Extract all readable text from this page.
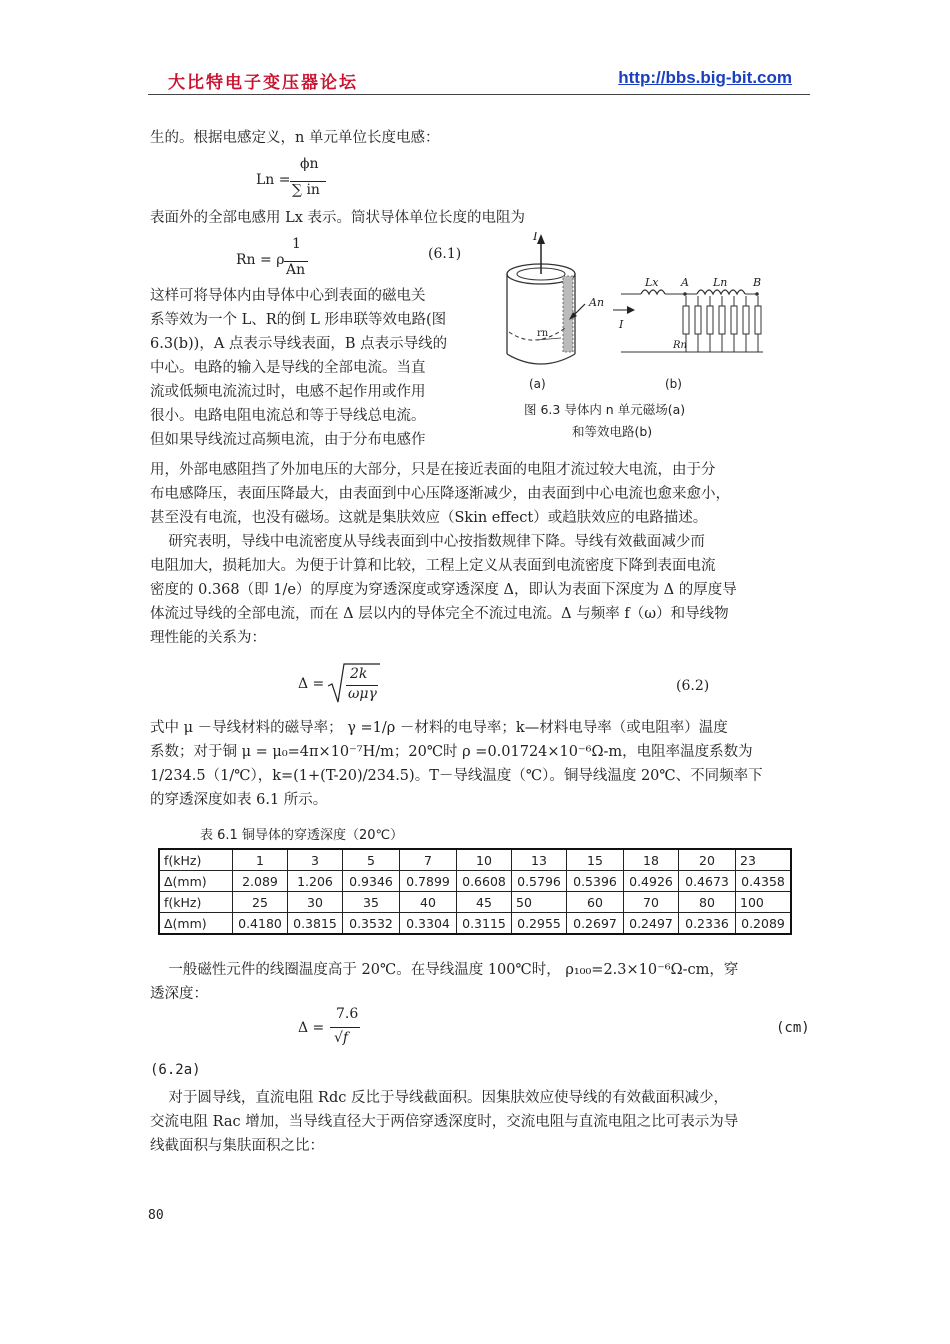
大比特电子变压器论坛	http://bbs.big-bit.com
生的。根据电感定义，n 单元单位长度电感：
Ln =
ϕn
∑ in
表面外的全部电感用 Lx 表示。筒状导体单位长度的电阻为
Rn = ρ
1
An
(6.1)
这样可将导体内由导体中心到表面的磁电关
系等效为一个 L、R的倒 L 形串联等效电路(图
6.3(b))，A 点表示导线表面，B 点表示导线的
中心。电路的输入是导线的全部电流。当直
流或低频电流流过时，电感不起作用或作用
很小。电路电阻电流总和等于导线总电流。
但如果导线流过高频电流，由于分布电感作
I
An
rn
Lx A Ln B
I
Rn
(a)	(b)
图 6.3 导体内 n 单元磁场(a)
和等效电路(b)
用，外部电感阻挡了外加电压的大部分，只是在接近表面的电阻才流过较大电流，由于分
布电感降压，表面压降最大，由表面到中心压降逐渐减少，由表面到中心电流也愈来愈小，
甚至没有电流，也没有磁场。这就是集肤效应（Skin effect）或趋肤效应的电路描述。
研究表明，导线中电流密度从导线表面到中心按指数规律下降。导线有效截面减少而
电阻加大，损耗加大。为便于计算和比较，工程上定义从表面到电流密度下降到表面电流
密度的 0.368（即 1/e）的厚度为穿透深度或穿透深度 Δ，即认为表面下深度为 Δ 的厚度导
体流过导线的全部电流，而在 Δ 层以内的导体完全不流过电流。Δ 与频率 f（ω）和导线物
理性能的关系为：
Δ =
2k
ωμγ	(6.2)
式中 μ －导线材料的磁导率； γ =1/ρ －材料的电导率；k—材料电导率（或电阻率）温度
系数；对于铜 μ = μ₀=4π×10⁻⁷H/m；20℃时 ρ =0.01724×10⁻⁶Ω-m，电阻率温度系数为
1/234.5（1/℃），k=(1+(T-20)/234.5)。T－导线温度（℃）。铜导线温度 20℃、不同频率下
的穿透深度如表 6.1 所示。
表 6.1 铜导体的穿透深度（20℃）
f(kHz)	1	3	5	7	10	13	15	18	20	23
Δ(mm)	2.089	1.206	0.9346	0.7899	0.6608	0.5796	0.5396	0.4926	0.4673	0.4358
f(kHz)	25	30	35	40	45	50	60	70	80	100
Δ(mm)	0.4180	0.3815	0.3532	0.3304	0.3115	0.2955	0.2697	0.2497	0.2336	0.2089
一般磁性元件的线圈温度高于 20℃。在导线温度 100℃时， ρ₁₀₀=2.3×10⁻⁶Ω-cm，穿
透深度：
Δ =
7.6
√f
(cm)
(6.2a)
对于圆导线，直流电阻 Rdc 反比于导线截面积。因集肤效应使导线的有效截面积减少，
交流电阻 Rac 增加，当导线直径大于两倍穿透深度时，交流电阻与直流电阻之比可表示为导
线截面积与集肤面积之比：
80
